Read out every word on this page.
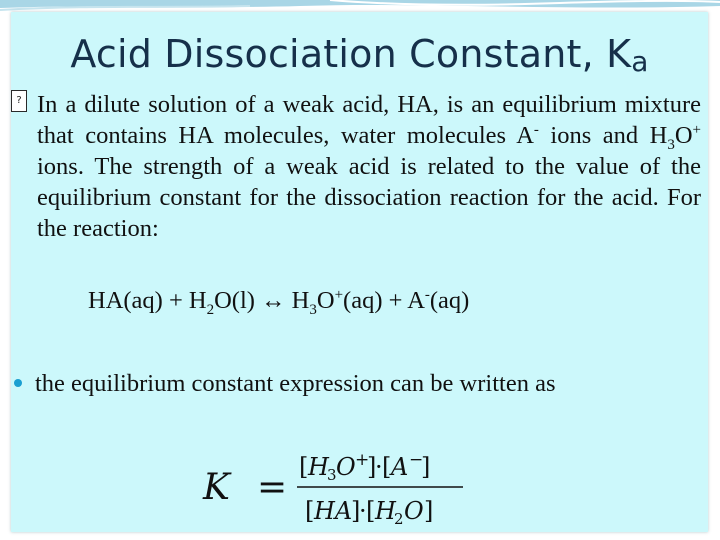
Acid Dissociation Constant, $K_a$
? In a dilute solution of a weak acid, HA, is an equilibrium mixture that contains HA molecules, water molecules A- ions and $H_3O^+$ ions. The strength of a weak acid is related to the value of the equilibrium constant for the dissociation reaction for the acid. For the reaction:

$HA(aq) + H_2O(l)$ ↔ $H_3O^+(aq) + A^-(aq)$

the equilibrium constant expression can be written as

K = [ H
3 O +
]
· [ A −
]
[ HA
]
· [ H
2 O ]
